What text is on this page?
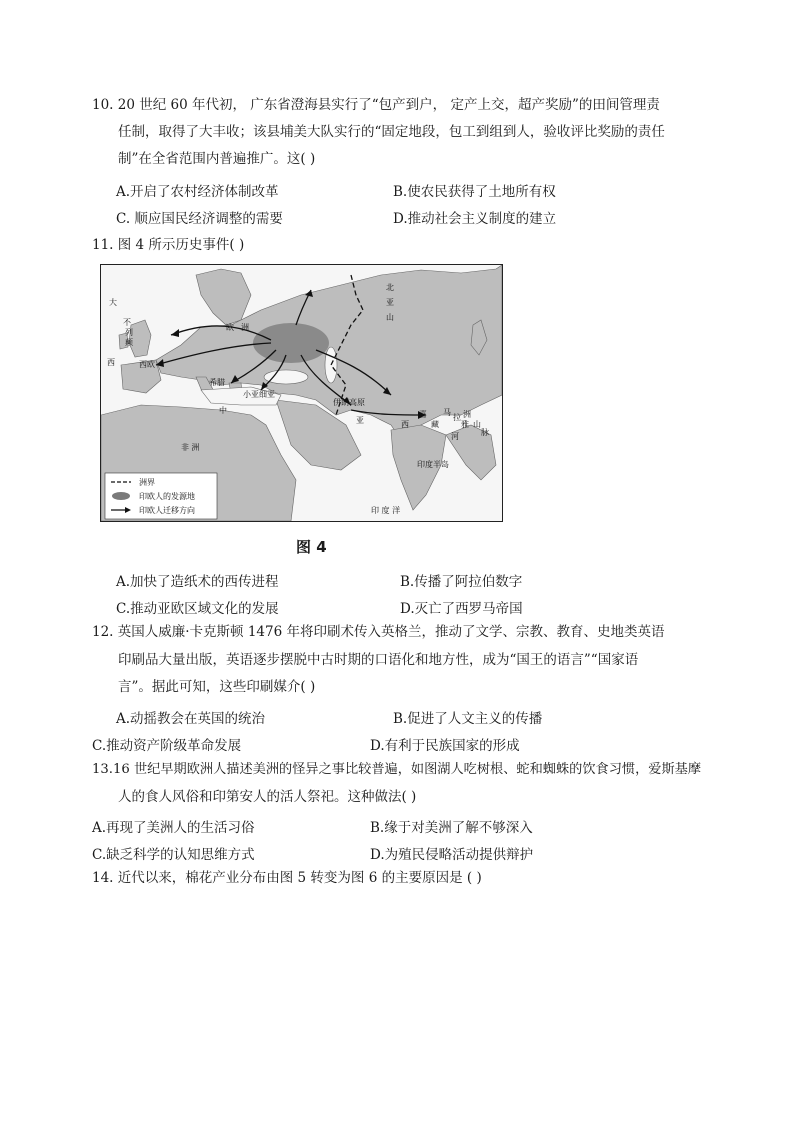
10. 20 世纪 60 年代初， 广东省澄海县实行了“包产到户， 定产上交，超产奖励”的田间管理责
任制，取得了大丰收；该县埔美大队实行的“固定地段，包工到组到人，验收评比奖励的责任
制”在全省范围内普遍推广。这( )
A.开启了农村经济体制改革	B.使农民获得了土地所有权
C. 顺应国民经济调整的需要	D.推动社会主义制度的建立
11. 图 4 所示历史事件( )
大
西	西欧
欧 洲
不
列
颠
希腊
小亚细亚
中
伊朗高原
亚	西	藏
洲
喜 马
拉
雅 山
脉
河
北
亚
山
非 洲
印 度 洋
印度半岛
洲界
印欧人的发源地
印欧人迁移方向
图 4
A.加快了造纸术的西传进程	B.传播了阿拉伯数字
C.推动亚欧区域文化的发展	D.灭亡了西罗马帝国
12. 英国人威廉·卡克斯顿 1476 年将印刷术传入英格兰，推动了文学、宗教、教育、史地类英语
印刷品大量出版，英语逐步摆脱中古时期的口语化和地方性，成为“国王的语言”“国家语
言”。据此可知，这些印刷媒介( )
A.动摇教会在英国的统治	B.促进了人文主义的传播
C.推动资产阶级革命发展	D.有利于民族国家的形成
13.16 世纪早期欧洲人描述美洲的怪异之事比较普遍，如图湖人吃树根、蛇和蜘蛛的饮食习惯，爱斯基摩
人的食人风俗和印第安人的活人祭祀。这种做法( )
A.再现了美洲人的生活习俗	B.缘于对美洲了解不够深入
C.缺乏科学的认知思维方式	D.为殖民侵略活动提供辩护
14. 近代以来，棉花产业分布由图 5 转变为图 6 的主要原因是 ( )
